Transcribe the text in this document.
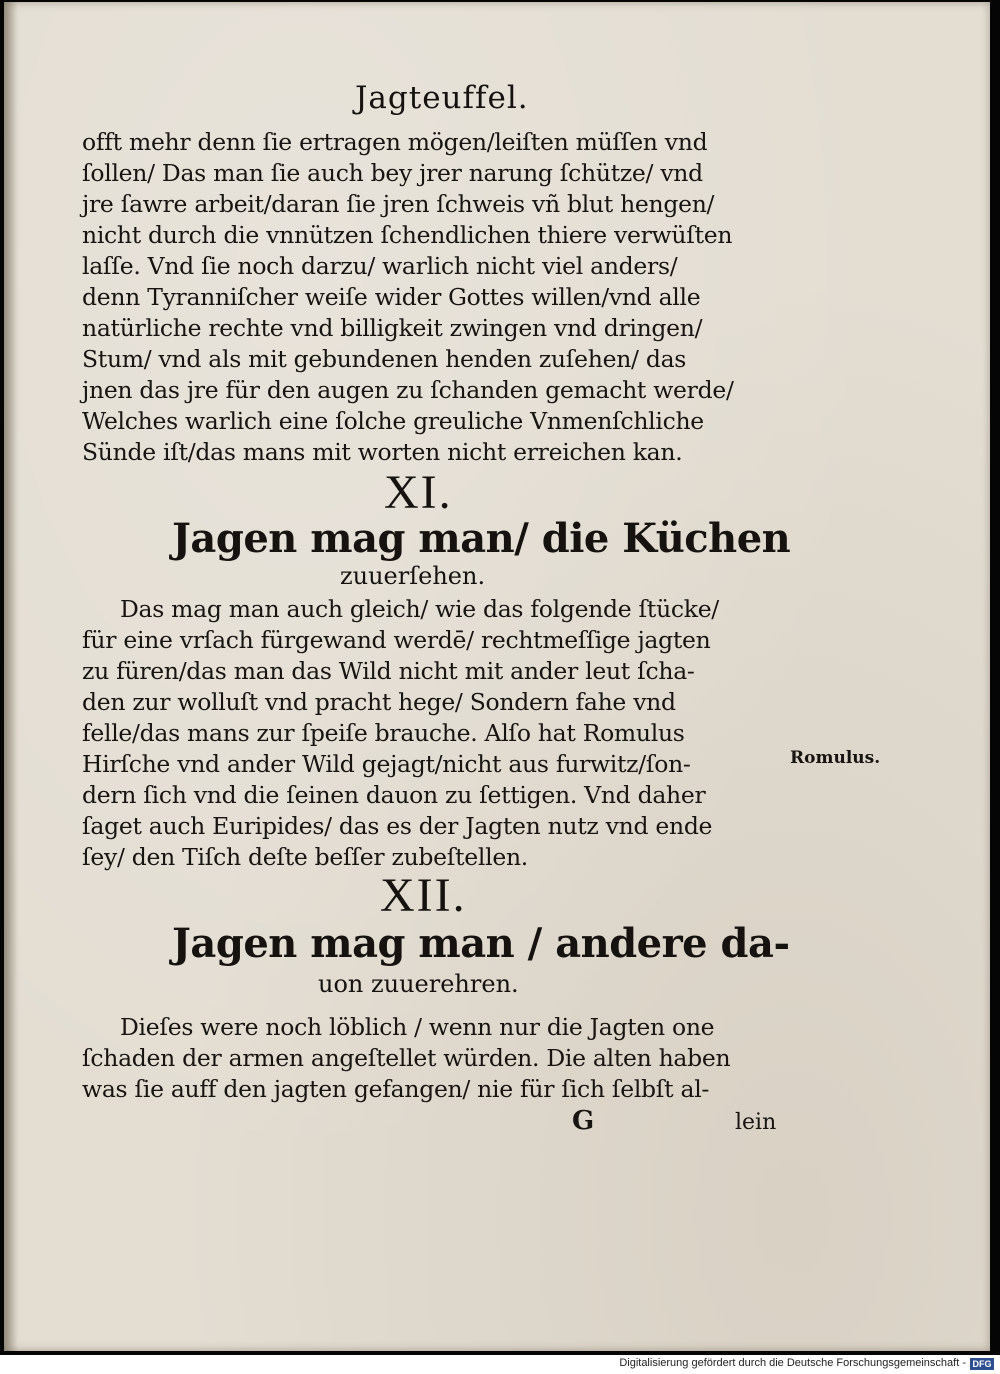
Jagteuffel.
offt mehr denn ſie ertragen mögen/leiſten müſſen vnd
ſollen/ Das man ſie auch bey jrer narung ſchütze/ vnd
jre ſawre arbeit/daran ſie jren ſchweis vñ blut hengen/
nicht durch die vnnützen ſchendlichen thiere verwüſten
laſſe. Vnd ſie noch darzu/ warlich nicht viel anders/
denn Tyranniſcher weiſe wider Gottes willen/vnd alle
natürliche rechte vnd billigkeit zwingen vnd dringen/
Stum/ vnd als mit gebundenen henden zuſehen/ das
jnen das jre für den augen zu ſchanden gemacht werde/
Welches warlich eine ſolche greuliche Vnmenſchliche
Sünde iſt/das mans mit worten nicht erreichen kan.
XI.
Jagen mag man/ die Küchen
zuuerſehen.
Das mag man auch gleich/ wie das folgende ſtücke/
für eine vrſach fürgewand werdē/ rechtmeſſige jagten
zu füren/das man das Wild nicht mit ander leut ſcha-
den zur wolluſt vnd pracht hege/ Sondern fahe vnd
felle/das mans zur ſpeiſe brauche. Alſo hat Romulus
Hirſche vnd ander Wild gejagt/nicht aus furwitz/ſon-
dern ſich vnd die ſeinen dauon zu ſettigen. Vnd daher
ſaget auch Euripides/ das es der Jagten nutz vnd ende
ſey/ den Tiſch deſte beſſer zubeſtellen.
Romulus.
XII.
Jagen mag man / andere da-
uon zuuerehren.
Dieſes were noch löblich / wenn nur die Jagten one
ſchaden der armen angeſtellet würden. Die alten haben
was ſie auff den jagten gefangen/ nie für ſich ſelbſt al-
G	lein
Digitalisierung gefördert durch die Deutsche Forschungsgemeinschaft - DFG
